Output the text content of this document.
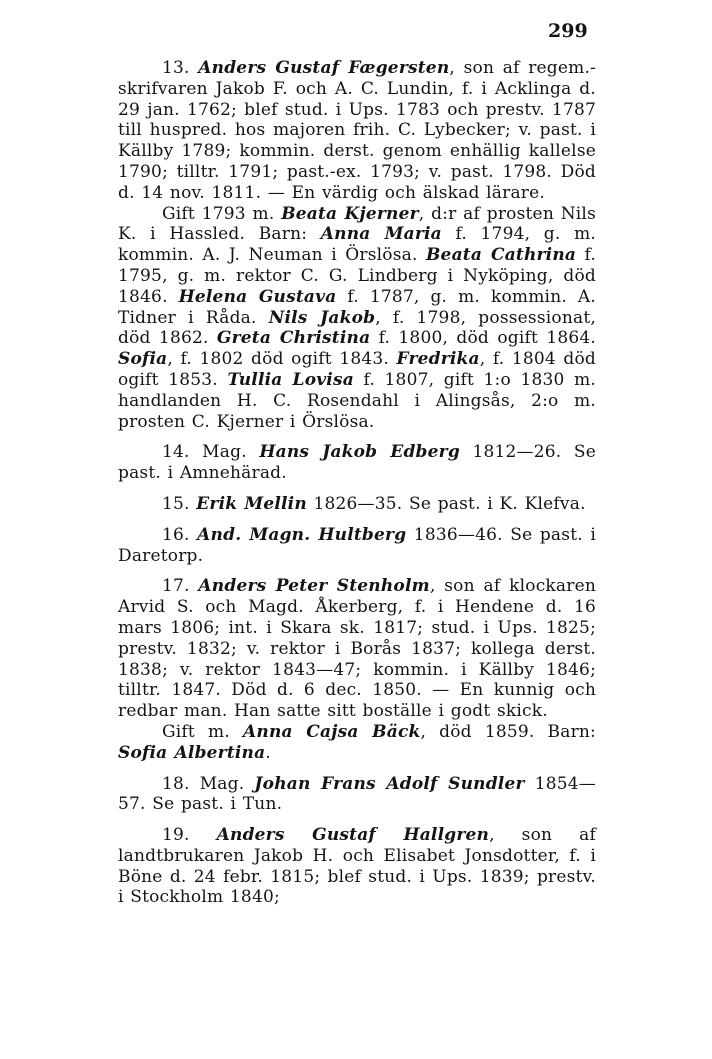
299

13. Anders Gustaf Fægersten, son af regem.-skrifvaren Jakob F. och A. C. Lundin, f. i Acklinga d. 29 jan. 1762; blef stud. i Ups. 1783 och prestv. 1787 till huspred. hos majoren frih. C. Lybecker; v. past. i Källby 1789; kommin. derst. genom enhällig kallelse 1790; tilltr. 1791; past.-ex. 1793; v. past. 1798. Död d. 14 nov. 1811. — En värdig och älskad lärare.

Gift 1793 m. Beata Kjerner, d:r af prosten Nils K. i Hassled. Barn: Anna Maria f. 1794, g. m. kommin. A. J. Neuman i Örslösa. Beata Cathrina f. 1795, g. m. rektor C. G. Lindberg i Nyköping, död 1846. Helena Gustava f. 1787, g. m. kommin. A. Tidner i Råda. Nils Jakob, f. 1798, possessionat, död 1862. Greta Christina f. 1800, död ogift 1864. Sofia, f. 1802 död ogift 1843. Fredrika, f. 1804 död ogift 1853. Tullia Lovisa f. 1807, gift 1:o 1830 m. handlanden H. C. Rosendahl i Alingsås, 2:o m. prosten C. Kjerner i Örslösa.

14. Mag. Hans Jakob Edberg 1812—26. Se past. i Amnehärad.

15. Erik Mellin 1826—35. Se past. i K. Klefva.

16. And. Magn. Hultberg 1836—46. Se past. i Daretorp.

17. Anders Peter Stenholm, son af klockaren Arvid S. och Magd. Åkerberg, f. i Hendene d. 16 mars 1806; int. i Skara sk. 1817; stud. i Ups. 1825; prestv. 1832; v. rektor i Borås 1837; kollega derst. 1838; v. rektor 1843—47; kommin. i Källby 1846; tilltr. 1847. Död d. 6 dec. 1850. — En kunnig och redbar man. Han satte sitt boställe i godt skick.

Gift m. Anna Cajsa Bäck, död 1859. Barn: Sofia Albertina.

18. Mag. Johan Frans Adolf Sundler 1854—57. Se past. i Tun.

19. Anders Gustaf Hallgren, son af landtbrukaren Jakob H. och Elisabet Jonsdotter, f. i Böne d. 24 febr. 1815; blef stud. i Ups. 1839; prestv. i Stockholm 1840;
